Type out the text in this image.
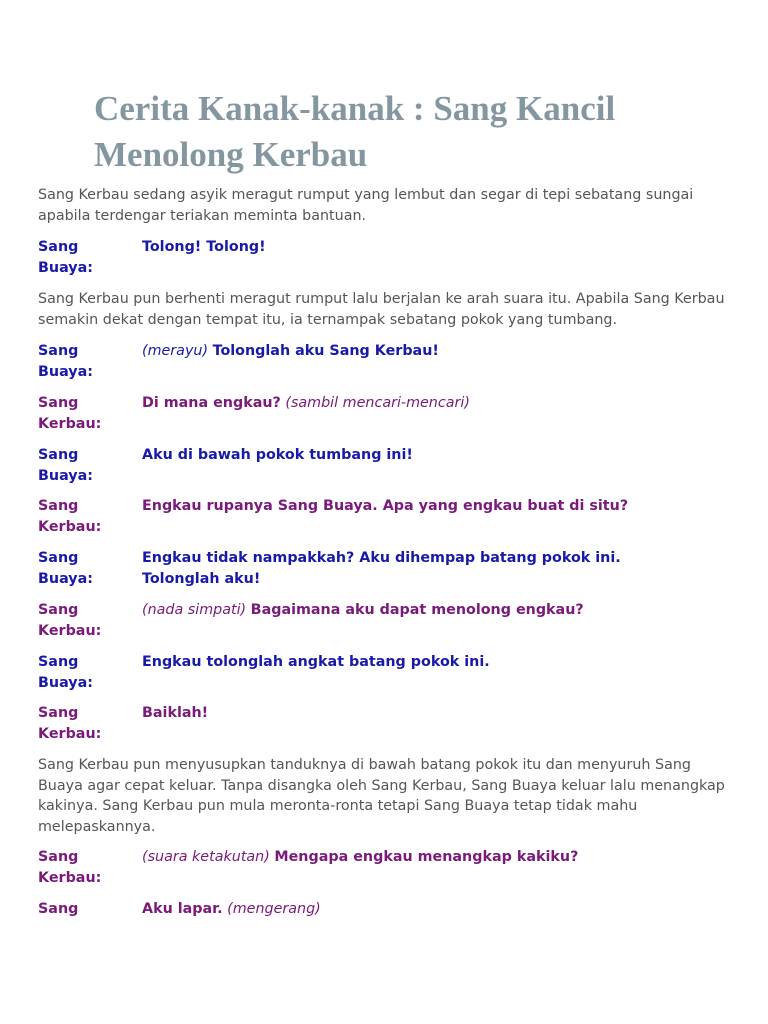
Cerita Kanak-kanak : Sang Kancil Menolong Kerbau

Sang Kerbau sedang asyik meragut rumput yang lembut dan segar di tepi sebatang sungai apabila terdengar teriakan meminta bantuan.

Sang
Buaya:
Tolong! Tolong!

Sang Kerbau pun berhenti meragut rumput lalu berjalan ke arah suara itu. Apabila Sang Kerbau semakin dekat dengan tempat itu, ia ternampak sebatang pokok yang tumbang.

Sang
Buaya:
(merayu) Tolonglah aku Sang Kerbau!
Sang
Kerbau:
Di mana engkau? (sambil mencari-mencari)
Sang
Buaya:
Aku di bawah pokok tumbang ini!
Sang
Kerbau:
Engkau rupanya Sang Buaya. Apa yang engkau buat di situ?
Sang
Buaya:
Engkau tidak nampakkah? Aku dihempap batang pokok ini. Tolonglah aku!
Sang
Kerbau:
(nada simpati) Bagaimana aku dapat menolong engkau?
Sang
Buaya:
Engkau tolonglah angkat batang pokok ini.
Sang
Kerbau:
Baiklah!

Sang Kerbau pun menyusupkan tanduknya di bawah batang pokok itu dan menyuruh Sang Buaya agar cepat keluar. Tanpa disangka oleh Sang Kerbau, Sang Buaya keluar lalu menangkap kakinya. Sang Kerbau pun mula meronta-ronta tetapi Sang Buaya tetap tidak mahu melepaskannya.

Sang
Kerbau:
(suara ketakutan) Mengapa engkau menangkap kakiku?
Sang	Aku lapar. (mengerang)
